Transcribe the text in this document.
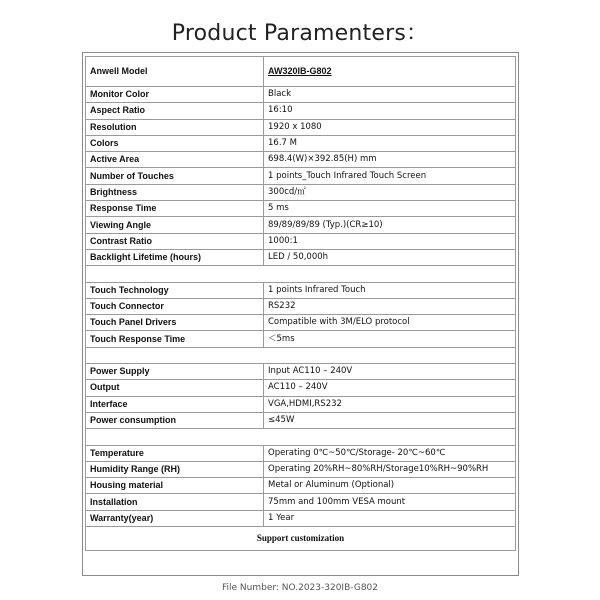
Product Paramenters：
Anwell Model	AW320IB-G802
Monitor Color	Black
Aspect Ratio	16:10
Resolution	1920 x 1080
Colors	16.7 M
Active Area	698.4(W)×392.85(H) mm
Number of Touches	1 points_Touch Infrared Touch Screen
Brightness	300cd/㎡
Response Time	5 ms
Viewing Angle	89/89/89/89 (Typ.)(CR≥10)
Contrast Ratio	1000:1
Backlight Lifetime (hours)	LED / 50,000h

Touch Technology	1 points Infrared Touch
Touch Connector	RS232
Touch Panel Drivers	Compatible with 3M/ELO protocol
Touch Response Time	＜5ms

Power Supply	Input AC110 – 240V
Output	AC110 – 240V
Interface	VGA,HDMI,RS232
Power consumption	≤45W

Temperature	Operating 0℃~50℃/Storage- 20℃~60℃
Humidity Range (RH)	Operating 20%RH~80%RH/Storage10%RH~90%RH
Housing material	Metal or Aluminum (Optional)
Installation	75mm and 100mm VESA mount
Warranty(year)	1 Year
Support customization	
File Number: NO.2023-320IB-G802
